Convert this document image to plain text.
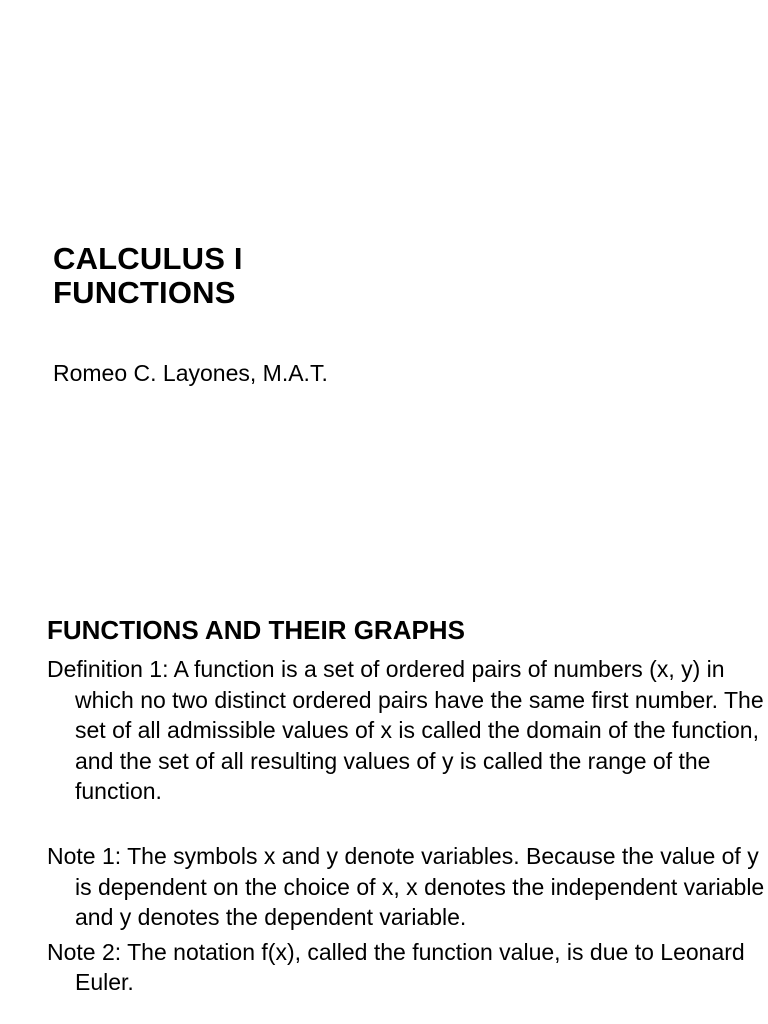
CALCULUS I
FUNCTIONS
Romeo C. Layones, M.A.T.
FUNCTIONS AND THEIR GRAPHS

Definition 1: A function is a set of ordered pairs of numbers (x, y) in which no two distinct ordered pairs have the same first number. The set of all admissible values of x is called the domain of the function, and the set of all resulting values of y is called the range of the function.

Note 1: The symbols x and y denote variables. Because the value of y is dependent on the choice of x, x denotes the independent variable and y denotes the dependent variable.

Note 2: The notation f(x), called the function value, is due to Leonard Euler.
